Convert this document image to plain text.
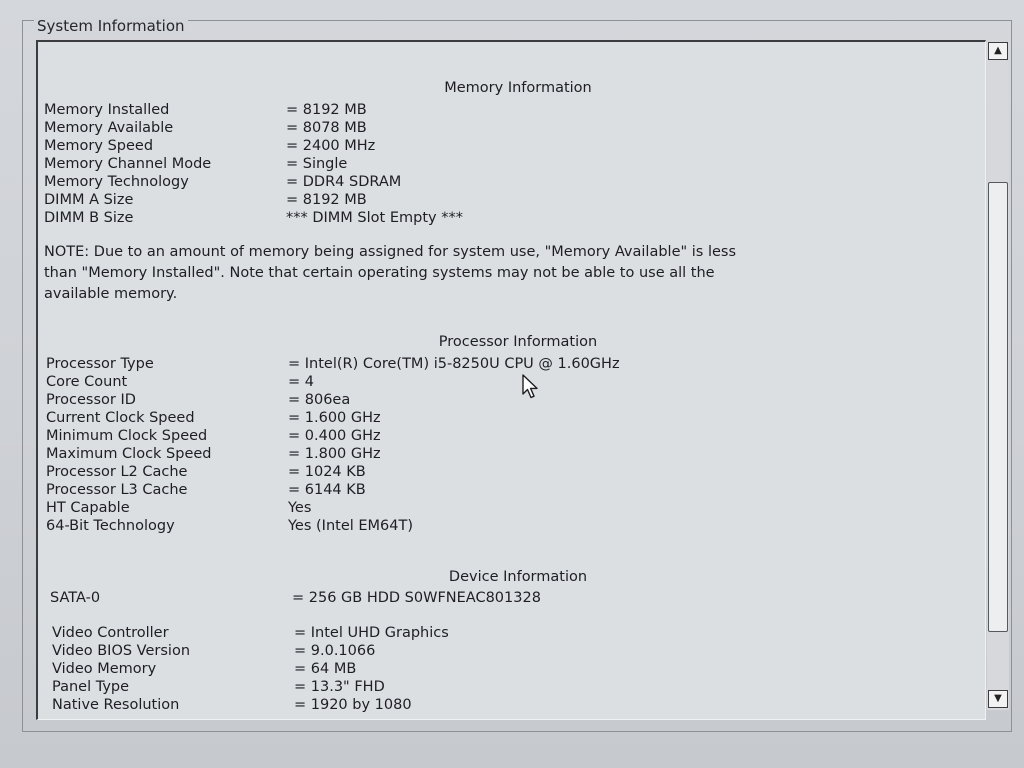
System Information
Memory Information
Memory Installed	= 8192 MB
Memory Available	= 8078 MB
Memory Speed	= 2400 MHz
Memory Channel Mode	= Single
Memory Technology	= DDR4 SDRAM
DIMM A Size	= 8192 MB
DIMM B Size	*** DIMM Slot Empty ***
NOTE: Due to an amount of memory being assigned for system use, "Memory Available" is less
than "Memory Installed". Note that certain operating systems may not be able to use all the
available memory.
Processor Information
Processor Type	= Intel(R) Core(TM) i5-8250U CPU @ 1.60GHz
Core Count	= 4
Processor ID	= 806ea
Current Clock Speed	= 1.600 GHz
Minimum Clock Speed	= 0.400 GHz
Maximum Clock Speed	= 1.800 GHz
Processor L2 Cache	= 1024 KB
Processor L3 Cache	= 6144 KB
HT Capable	Yes
64-Bit Technology	Yes (Intel EM64T)
Device Information
SATA-0	= 256 GB HDD S0WFNEAC801328
Video Controller	= Intel UHD Graphics
Video BIOS Version	= 9.0.1066
Video Memory	= 64 MB
Panel Type	= 13.3" FHD
Native Resolution	= 1920 by 1080
▲
▼
